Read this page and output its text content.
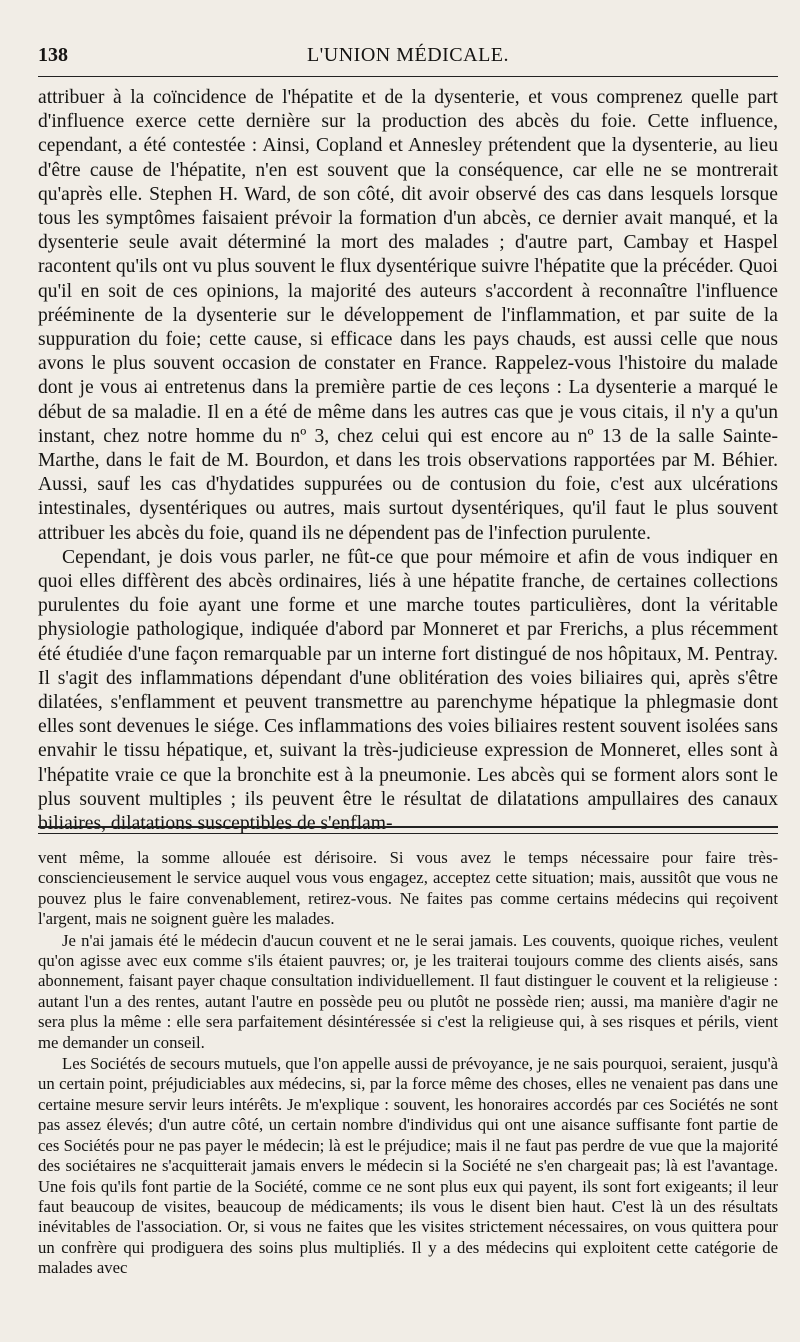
138	L'UNION MÉDICALE.

attribuer à la coïncidence de l'hépatite et de la dysenterie, et vous comprenez quelle part d'influence exerce cette dernière sur la production des abcès du foie. Cette influence, cependant, a été contestée : Ainsi, Copland et Annesley prétendent que la dysenterie, au lieu d'être cause de l'hépatite, n'en est souvent que la conséquence, car elle ne se montrerait qu'après elle. Stephen H. Ward, de son côté, dit avoir observé des cas dans lesquels lorsque tous les symptômes faisaient prévoir la formation d'un abcès, ce dernier avait manqué, et la dysenterie seule avait déterminé la mort des malades ; d'autre part, Cambay et Haspel racontent qu'ils ont vu plus souvent le flux dysentérique suivre l'hépatite que la précéder. Quoi qu'il en soit de ces opinions, la majorité des auteurs s'accordent à reconnaître l'influence prééminente de la dysenterie sur le développement de l'inflammation, et par suite de la suppuration du foie; cette cause, si efficace dans les pays chauds, est aussi celle que nous avons le plus souvent occasion de constater en France. Rappelez-vous l'histoire du malade dont je vous ai entretenus dans la première partie de ces leçons : La dysenterie a marqué le début de sa maladie. Il en a été de même dans les autres cas que je vous citais, il n'y a qu'un instant, chez notre homme du nº 3, chez celui qui est encore au nº 13 de la salle Sainte-Marthe, dans le fait de M. Bourdon, et dans les trois observations rapportées par M. Béhier. Aussi, sauf les cas d'hydatides suppurées ou de contusion du foie, c'est aux ulcérations intestinales, dysentériques ou autres, mais surtout dysentériques, qu'il faut le plus souvent attribuer les abcès du foie, quand ils ne dépendent pas de l'infection purulente.

Cependant, je dois vous parler, ne fût-ce que pour mémoire et afin de vous indiquer en quoi elles diffèrent des abcès ordinaires, liés à une hépatite franche, de certaines collections purulentes du foie ayant une forme et une marche toutes particulières, dont la véritable physiologie pathologique, indiquée d'abord par Monneret et par Frerichs, a plus récemment été étudiée d'une façon remarquable par un interne fort distingué de nos hôpitaux, M. Pentray. Il s'agit des inflammations dépendant d'une oblitération des voies biliaires qui, après s'être dilatées, s'enflamment et peuvent transmettre au parenchyme hépatique la phlegmasie dont elles sont devenues le siége. Ces inflammations des voies biliaires restent souvent isolées sans envahir le tissu hépatique, et, suivant la très-judicieuse expression de Monneret, elles sont à l'hépatite vraie ce que la bronchite est à la pneumonie. Les abcès qui se forment alors sont le plus souvent multiples ; ils peuvent être le résultat de dilatations ampullaires des canaux biliaires, dilatations susceptibles de s'enflam-

vent même, la somme allouée est dérisoire. Si vous avez le temps nécessaire pour faire très-consciencieusement le service auquel vous vous engagez, acceptez cette situation; mais, aussitôt que vous ne pouvez plus le faire convenablement, retirez-vous. Ne faites pas comme certains médecins qui reçoivent l'argent, mais ne soignent guère les malades.

Je n'ai jamais été le médecin d'aucun couvent et ne le serai jamais. Les couvents, quoique riches, veulent qu'on agisse avec eux comme s'ils étaient pauvres; or, je les traiterai toujours comme des clients aisés, sans abonnement, faisant payer chaque consultation individuellement. Il faut distinguer le couvent et la religieuse : autant l'un a des rentes, autant l'autre en possède peu ou plutôt ne possède rien; aussi, ma manière d'agir ne sera plus la même : elle sera parfaitement désintéressée si c'est la religieuse qui, à ses risques et périls, vient me demander un conseil.

Les Sociétés de secours mutuels, que l'on appelle aussi de prévoyance, je ne sais pourquoi, seraient, jusqu'à un certain point, préjudiciables aux médecins, si, par la force même des choses, elles ne venaient pas dans une certaine mesure servir leurs intérêts. Je m'explique : souvent, les honoraires accordés par ces Sociétés ne sont pas assez élevés; d'un autre côté, un certain nombre d'individus qui ont une aisance suffisante font partie de ces Sociétés pour ne pas payer le médecin; là est le préjudice; mais il ne faut pas perdre de vue que la majorité des sociétaires ne s'acquitterait jamais envers le médecin si la Société ne s'en chargeait pas; là est l'avantage. Une fois qu'ils font partie de la Société, comme ce ne sont plus eux qui payent, ils sont fort exigeants; il leur faut beaucoup de visites, beaucoup de médicaments; ils vous le disent bien haut. C'est là un des résultats inévitables de l'association. Or, si vous ne faites que les visites strictement nécessaires, on vous quittera pour un confrère qui prodiguera des soins plus multipliés. Il y a des médecins qui exploitent cette catégorie de malades avec
